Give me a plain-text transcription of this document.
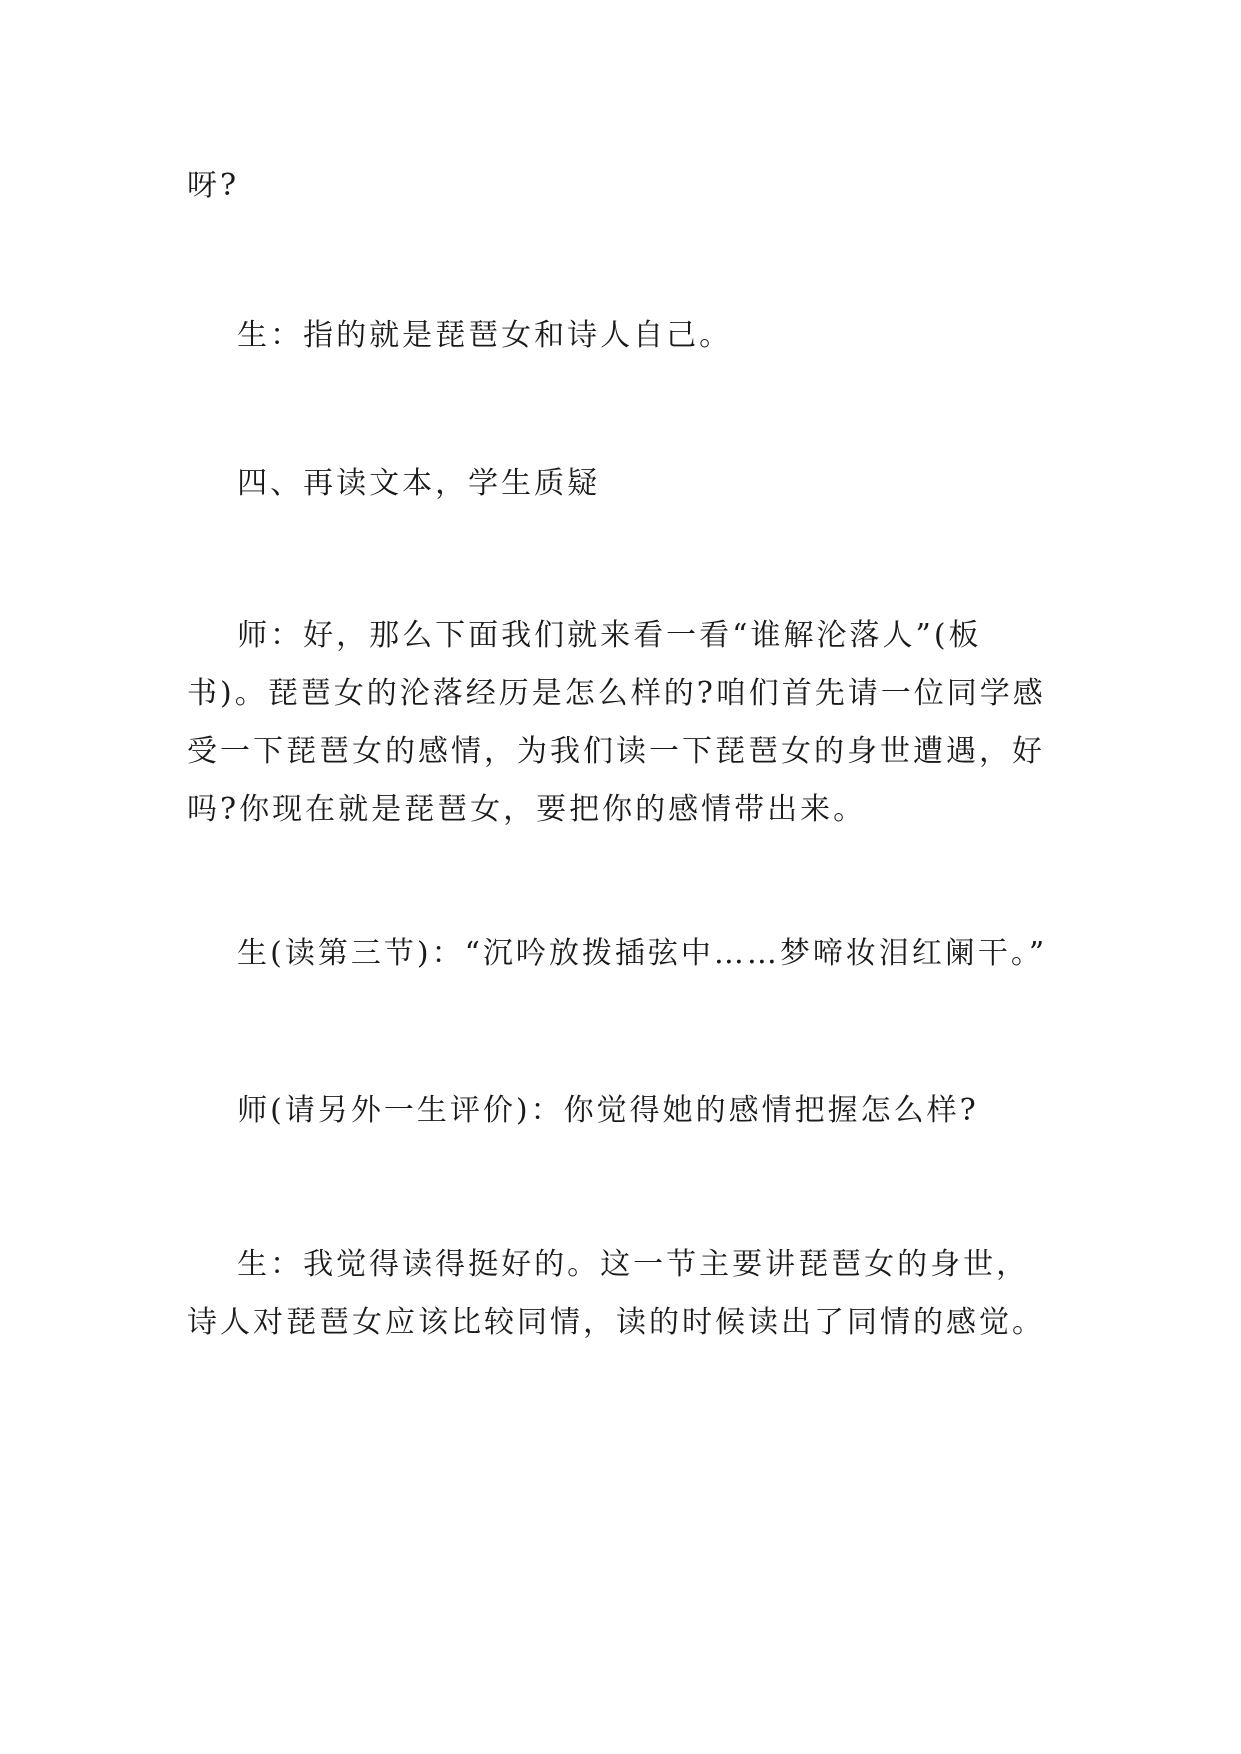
呀?

生：指的就是琵琶女和诗人自己。

四、再读文本，学生质疑

师：好，那么下面我们就来看一看“谁解沦落人”(板书)。琵琶女的沦落经历是怎么样的?咱们首先请一位同学感受一下琵琶女的感情，为我们读一下琵琶女的身世遭遇，好吗?你现在就是琵琶女，要把你的感情带出来。

生(读第三节)：“沉吟放拨插弦中……梦啼妆泪红阑干。”

师(请另外一生评价)：你觉得她的感情把握怎么样?

生：我觉得读得挺好的。这一节主要讲琵琶女的身世，诗人对琵琶女应该比较同情，读的时候读出了同情的感觉。
